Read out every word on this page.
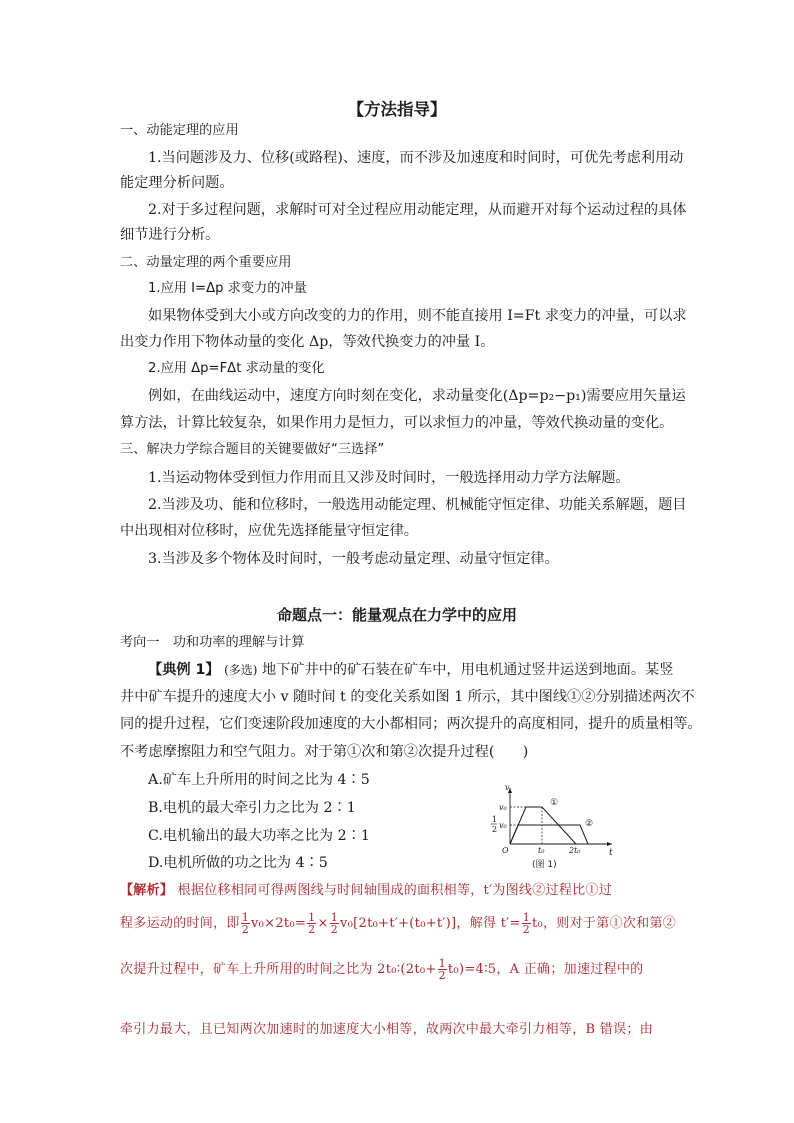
【方法指导】
一、动能定理的应用
1.当问题涉及力、位移(或路程)、速度，而不涉及加速度和时间时，可优先考虑利用动
能定理分析问题。
2.对于多过程问题，求解时可对全过程应用动能定理，从而避开对每个运动过程的具体
细节进行分析。
二、动量定理的两个重要应用
1.应用 I=Δp 求变力的冲量
如果物体受到大小或方向改变的力的作用，则不能直接用 I=Ft 求变力的冲量，可以求
出变力作用下物体动量的变化 Δp，等效代换变力的冲量 I。
2.应用 Δp=FΔt 求动量的变化
例如，在曲线运动中，速度方向时刻在变化，求动量变化(Δp=p₂−p₁)需要应用矢量运
算方法，计算比较复杂，如果作用力是恒力，可以求恒力的冲量，等效代换动量的变化。
三、解决力学综合题目的关键要做好“三选择”
1.当运动物体受到恒力作用而且又涉及时间时，一般选择用动力学方法解题。
2.当涉及功、能和位移时，一般选用动能定理、机械能守恒定律、功能关系解题，题目
中出现相对位移时，应优先选择能量守恒定律。
3.当涉及多个物体及时间时，一般考虑动量定理、动量守恒定律。
命题点一：能量观点在力学中的应用
考向一　功和功率的理解与计算
【典例 1】 (多选) 地下矿井中的矿石装在矿车中，用电机通过竖井运送到地面。某竖
井中矿车提升的速度大小 v 随时间 t 的变化关系如图 1 所示，其中图线①②分别描述两次不
同的提升过程，它们变速阶段加速度的大小都相同；两次提升的高度相同，提升的质量相等。
不考虑摩擦阻力和空气阻力。对于第①次和第②次提升过程(　　)
A.矿车上升所用的时间之比为 4∶5
B.电机的最大牵引力之比为 2∶1
C.电机输出的最大功率之比为 2∶1
D.电机所做的功之比为 4∶5
v
v₀
1
2 v₀
O	t₀	2t₀	t
①
②
(图 1)
【解析】 根据位移相同可得两图线与时间轴围成的面积相等，t′为图线②过程比①过
程多运动的时间，即 $\frac{1}{2} v_0\times 2t_0= \frac{1}{2} \times \frac{1}{2} v_0[2t_0+t'+(t_0+t')]$，解得 $t'= \frac{1}{2} t_0$，则对于第①次和第②
次提升过程中，矿车上升所用的时间之比为 2t₀∶(2t₀+ $\frac{1}{2}$ t₀)=4∶5，A 正确；加速过程中的
牵引力最大，且已知两次加速时的加速度大小相等，故两次中最大牵引力相等，B 错误；由
